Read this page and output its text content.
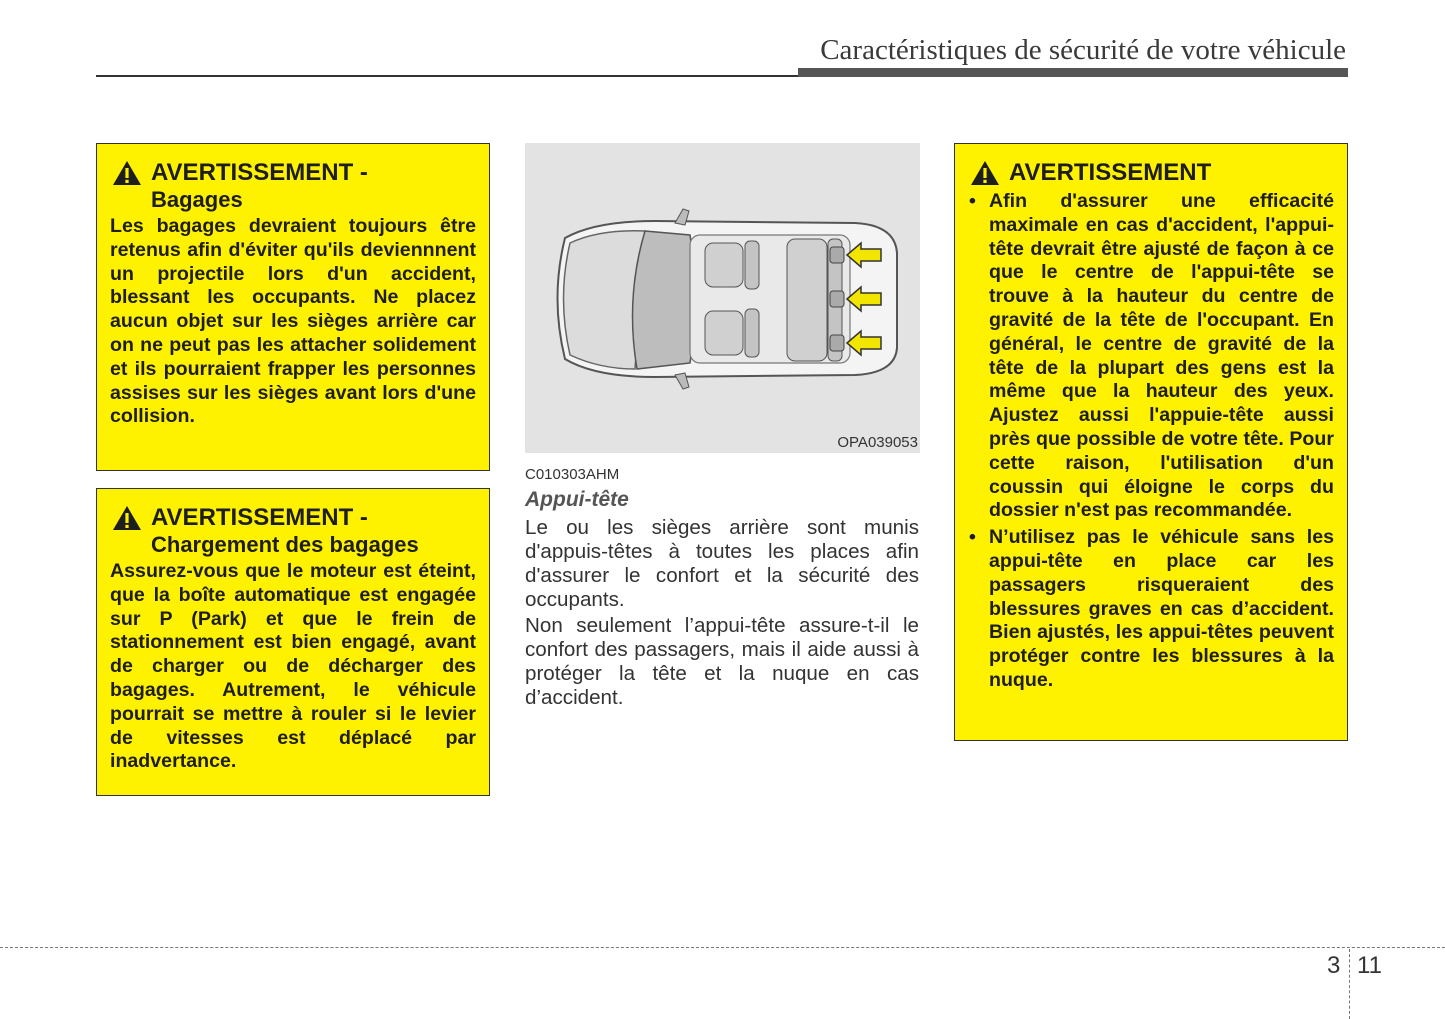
Caractéristiques de sécurité de votre véhicule
AVERTISSEMENT -
Bagages

Les bagages devraient toujours être retenus afin d'éviter qu'ils deviennnent un projectile lors d'un accident, blessant les occupants. Ne placez aucun objet sur les sièges arrière car on ne peut pas les attacher solidement et ils pourraient frapper les personnes assises sur les sièges avant lors d'une collision.

AVERTISSEMENT -
Chargement des bagages

Assurez-vous que le moteur est éteint, que la boîte automatique est engagée sur P (Park) et que le frein de stationnement est bien engagé, avant de charger ou de décharger des bagages. Autrement, le véhicule pourrait se mettre à rouler si le levier de vitesses est déplacé par inadvertance.

OPA039053
C010303AHM
Appui-tête

Le ou les sièges arrière sont munis d'appuis-têtes à toutes les places afin d'assurer le confort et la sécurité des occupants.

Non seulement l’appui-tête assure-t-il le confort des passagers, mais il aide aussi à protéger la tête et la nuque en cas d’accident.

AVERTISSEMENT
• Afin d'assurer une efficacité maximale en cas d'accident, l'appui-tête devrait être ajusté de façon à ce que le centre de l'appui-tête se trouve à la hauteur du centre de gravité de la tête de l'occupant. En général, le centre de gravité de la tête de la plupart des gens est la même que la hauteur des yeux. Ajustez aussi l'appuie-tête aussi près que possible de votre tête. Pour cette raison, l'utilisation d'un coussin qui éloigne le corps du dossier n'est pas recommandée.
• N’utilisez pas le véhicule sans les appui-tête en place car les passagers risqueraient des blessures graves en cas d’accident. Bien ajustés, les appui-têtes peuvent protéger contre les blessures à la nuque.
3 11
